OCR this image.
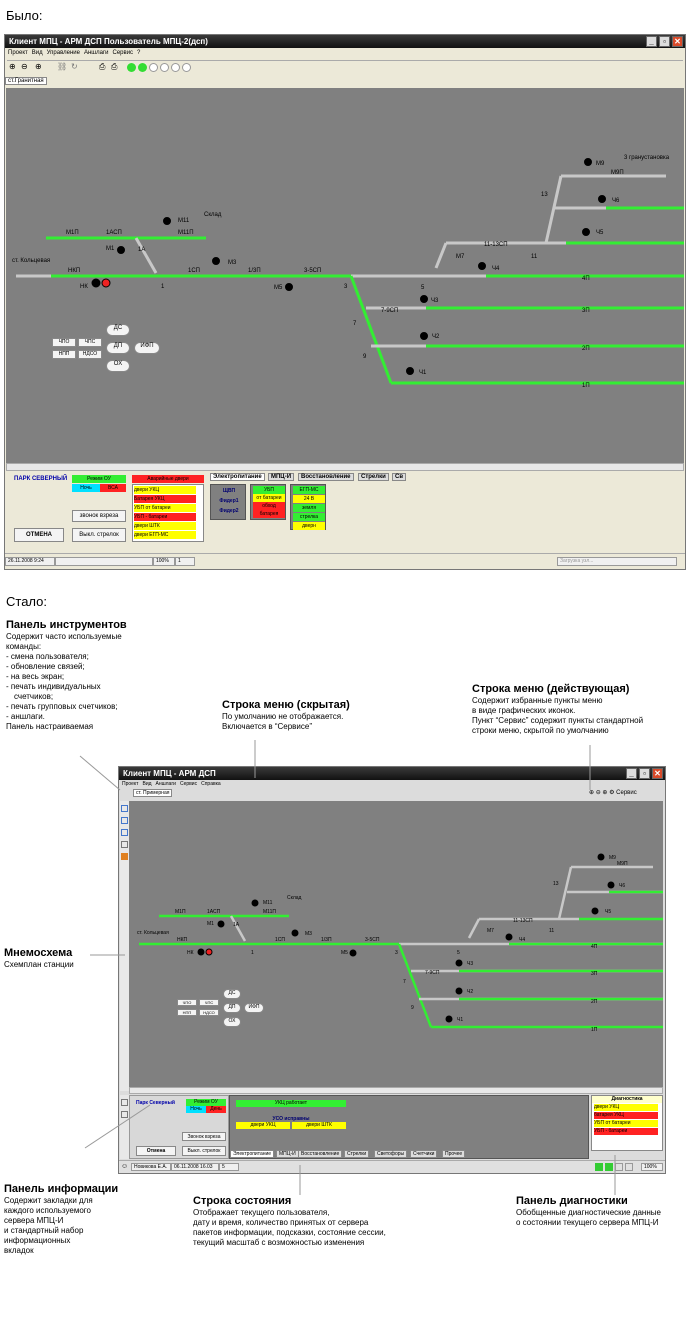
Было:
Стало:
Клиент МПЦ - АРМ ДСП Пользователь МПЦ-2(дсп)	_	▫	✕
Проект Вид Управление Аншлаги Сервис ?
⊕ ⊖ ⊕ ⛓ ↻	⎙ ⎙
ст.Гранитная
М1П	1АСП	М11П
М11
Склад
М1	1А
НКП	1СП	1/3П	3-5СП
М3
НК	1	М5	3	5
7-9СП
7
9
Ч3
Ч2
Ч1
М9
М9П
3 гранустановка
13
Ч6
Ч5
11-13СП
М7
Ч4
11
4П
3П
2П
1П
ст. Кольцевая
ДС
ДП	ИФП
ОХ
ЧПО	ЧПС
НПП	НДСО
ПАРК СЕВЕРНЫЙ	Режим ОУ
Ночь	ВСА
Аварийные двери
двери УКЦ
Батарея УКЦ
УБП от батареи
УБП - батареи
двери ШТК
двери ЕГП-МС
звонок взреза
ОТМЕНА	Выкл. стрелок
Электропитание	МПЦ-И	Восстановление	Стрелки	Св
ЩВП
Фидер1
Фидер2
УБП
от батареи
обход
батарея
ЕГП-МС
24 В
земля
стрелка
дверн
26.11.2008 9:24	100%	1	Загрузка узл...
Клиент МПЦ - АРМ ДСП	_	▫	✕
Проект Вид Аншлаги Сервис Справка
⊕ ⊖ ⊕ ⚙ Сервис
ст. Примерная
М1П	1АСП	М11П
М11
Склад
М1	1А
НКП	1СП	1/3П	3-5СП
М3
НК	1	М5	3	5
7-9СП
7
9
Ч3
Ч2
Ч1
М9
М9П
13	Ч6
Ч5
11-13СП
М7
Ч4
11
4П
3П
2П
1П
ст. Кольцевая
ДС
ДП	ИФП
ОХ
ЧПО	ЧПС
НПП	НДСО
Парк Северный	Режим ОУ
Ночь	День
Звонок взреза
Отмена	Выкл. стрелок
УКЦ работает
УСО исправны
двери УКЦ	двери ШТК
Электропитание	МПЦ-И	Восстановление	Стрелки	Светофоры	Счетчики	Прочее
Диагностика
двери УКЦ
батарея УКЦ
УБП от батареи
УБП - батареи
☺	Новикова Е.А.	06.11.2008 16.03	5	100%
Панель инструментов
Содержит часто используемые
команды:
- смена пользователя;
- обновление связей;
- на весь экран;
- печать индивидуальных
счетчиков;
- печать групповых счетчиков;
- аншлаги.
Панель настраиваемая
Строка меню (скрытая)
По умолчанию не отображается.
Включается в “Сервисе”
Строка меню (действующая)
Содержит избранные пункты меню
в виде графических иконок.
Пункт “Сервис” содержит пункты стандартной
строки меню, скрытой по умолчанию
Мнемосхема
Схемплан станции
Панель информации
Содержит закладки для
каждого используемого
сервера МПЦ-И
и стандартный набор
информационных
вкладок
Строка состояния
Отображает текущего пользователя,
дату и время, количество принятых от сервера
пакетов информации, подсказки, состояние сессии,
текущий масштаб с возможностью изменения
Панель диагностики
Обобщенные диагностические данные
о состоянии текущего сервера МПЦ-И
